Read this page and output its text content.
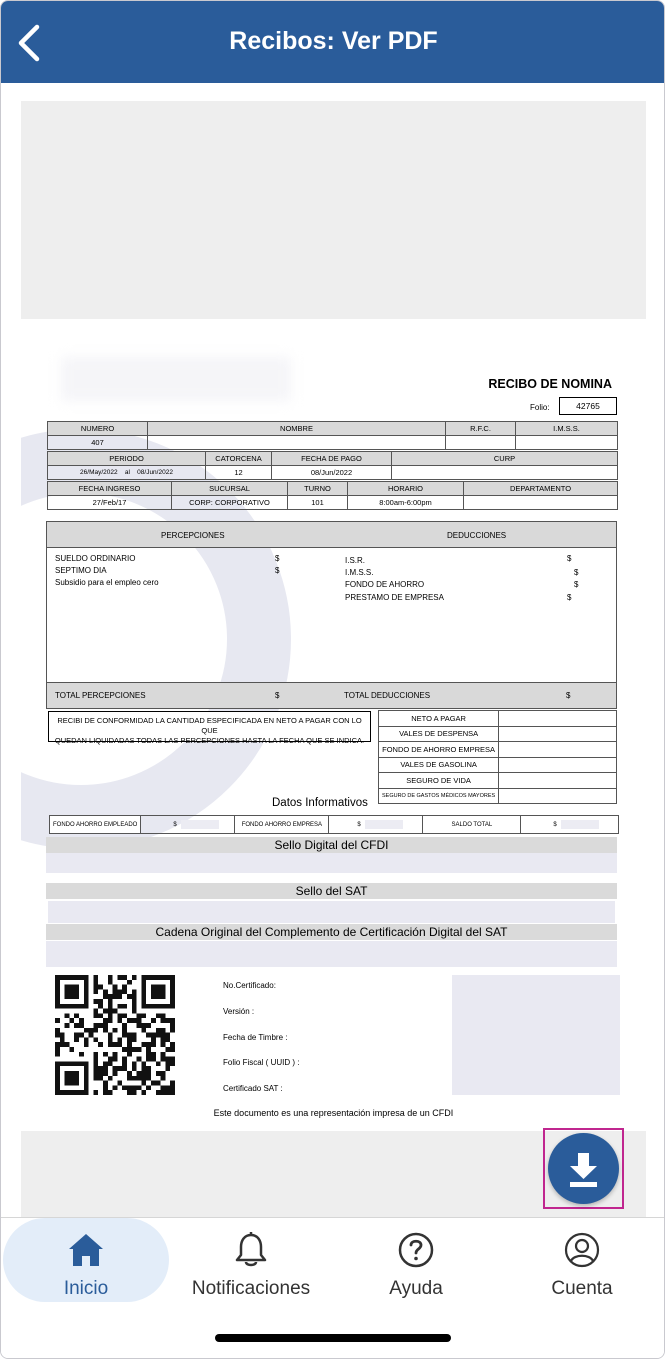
Recibos: Ver PDF
RECIBO DE NOMINA
Folio:	42765
NUMERO	NOMBRE	R.F.C.	I.M.S.S.
407			
PERIODO	CATORCENA	FECHA DE PAGO	CURP
26/May/2022 al 08/Jun/2022	12	08/Jun/2022	
FECHA INGRESO	SUCURSAL	TURNO	HORARIO	DEPARTAMENTO
27/Feb/17	CORP: CORPORATIVO	101	8:00am-6:00pm	
PERCEPCIONES	DEDUCCIONES
SUELDO ORDINARIO	$
SEPTIMO DIA	$
Subsidio para el empleo cero
I.S.R.	$
I.M.S.S.	$
FONDO DE AHORRO	$
PRESTAMO DE EMPRESA	$
TOTAL PERCEPCIONES	$	TOTAL DEDUCCIONES	$
RECIBI DE CONFORMIDAD LA CANTIDAD ESPECIFICADA EN NETO A PAGAR CON LO QUE
QUEDAN LIQUIDADAS TODAS LAS PERCEPCIONES HASTA LA FECHA QUE SE INDICA.
NETO A PAGAR	
VALES DE DESPENSA	
FONDO DE AHORRO EMPRESA	
VALES DE GASOLINA	
SEGURO DE VIDA	
SEGURO DE GASTOS MÉDICOS MAYORES	
Datos Informativos
FONDO AHORRO EMPLEADO	$	FONDO AHORRO EMPRESA	$	SALDO TOTAL	$
Sello Digital del CFDI
Sello del SAT
Cadena Original del Complemento de Certificación Digital del SAT
No.Certificado:
Versión :
Fecha de Timbre :
Folio Fiscal ( UUID ) :
Certificado SAT :
Este documento es una representación impresa de un CFDI
Inicio	Notificaciones	Ayuda	Cuenta
